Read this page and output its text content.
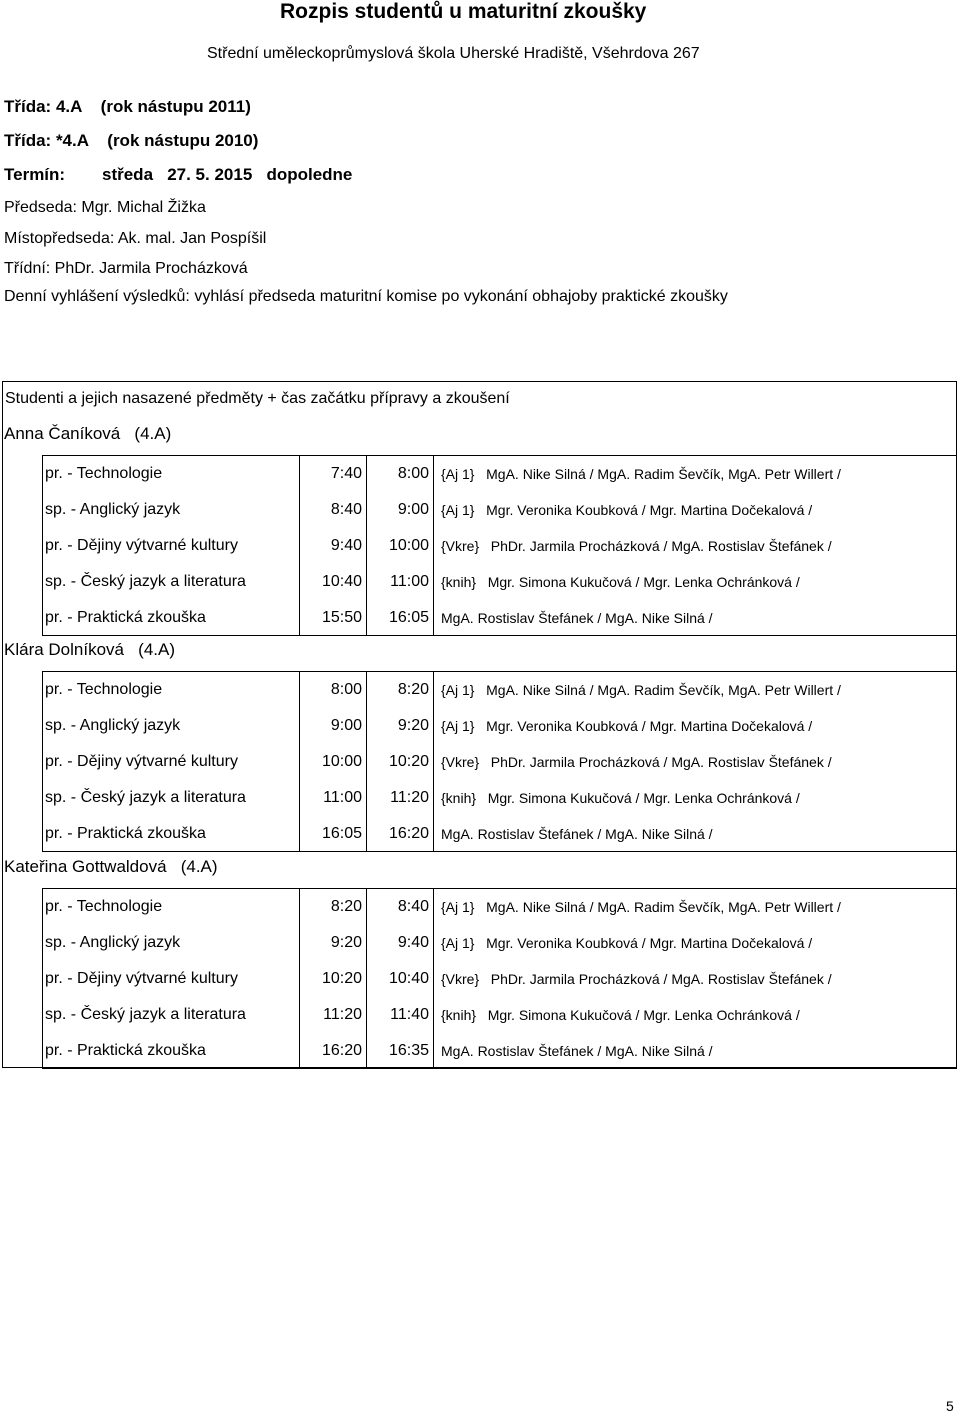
Rozpis studentů u maturitní zkoušky
Střední uměleckoprůmyslová škola Uherské Hradiště, Všehrdova 267
Třída: 4.A    (rok nástupu 2011)
Třída: *4.A    (rok nástupu 2010)
Termín: středa   27. 5. 2015   dopoledne
Předseda: Mgr. Michal Žižka
Místopředseda: Ak. mal. Jan Pospíšil
Třídní: PhDr. Jarmila Procházková
Denní vyhlášení výsledků: vyhlásí předseda maturitní komise po vykonání obhajoby praktické zkoušky
Studenti a jejich nasazené předměty + čas začátku přípravy a zkoušení
Anna Čaníková   (4.A)
pr. - Technologie	7:40	8:00 {Aj 1}   MgA. Nike Silná / MgA. Radim Ševčík, MgA. Petr Willert /
sp. - Anglický jazyk	8:40	9:00 {Aj 1}   Mgr. Veronika Koubková / Mgr. Martina Dočekalová /
pr. - Dějiny výtvarné kultury	9:40	10:00 {Vkre}   PhDr. Jarmila Procházková / MgA. Rostislav Štefánek /
sp. - Český jazyk a literatura	10:40	11:00 {knih}   Mgr. Simona Kukučová / Mgr. Lenka Ochránková /
pr. - Praktická zkouška	15:50	16:05 MgA. Rostislav Štefánek / MgA. Nike Silná /
Klára Dolníková   (4.A)
pr. - Technologie	8:00	8:20 {Aj 1}   MgA. Nike Silná / MgA. Radim Ševčík, MgA. Petr Willert /
sp. - Anglický jazyk	9:00	9:20 {Aj 1}   Mgr. Veronika Koubková / Mgr. Martina Dočekalová /
pr. - Dějiny výtvarné kultury	10:00	10:20 {Vkre}   PhDr. Jarmila Procházková / MgA. Rostislav Štefánek /
sp. - Český jazyk a literatura	11:00	11:20 {knih}   Mgr. Simona Kukučová / Mgr. Lenka Ochránková /
pr. - Praktická zkouška	16:05	16:20 MgA. Rostislav Štefánek / MgA. Nike Silná /
Kateřina Gottwaldová   (4.A)
pr. - Technologie	8:20	8:40 {Aj 1}   MgA. Nike Silná / MgA. Radim Ševčík, MgA. Petr Willert /
sp. - Anglický jazyk	9:20	9:40 {Aj 1}   Mgr. Veronika Koubková / Mgr. Martina Dočekalová /
pr. - Dějiny výtvarné kultury	10:20	10:40 {Vkre}   PhDr. Jarmila Procházková / MgA. Rostislav Štefánek /
sp. - Český jazyk a literatura	11:20	11:40 {knih}   Mgr. Simona Kukučová / Mgr. Lenka Ochránková /
pr. - Praktická zkouška	16:20	16:35 MgA. Rostislav Štefánek / MgA. Nike Silná /
5
